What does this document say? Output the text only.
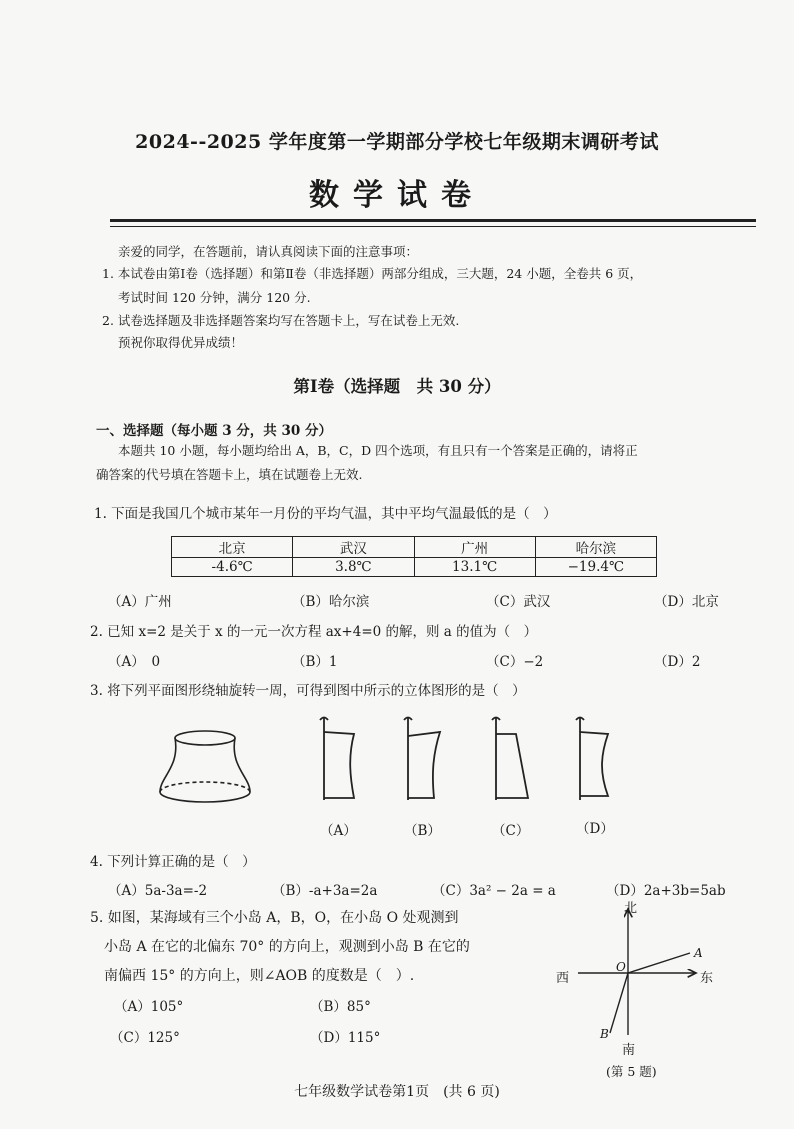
2024--2025 学年度第一学期部分学校七年级期末调研考试
数学试卷
亲爱的同学，在答题前，请认真阅读下面的注意事项：
1. 本试卷由第Ⅰ卷（选择题）和第Ⅱ卷（非选择题）两部分组成，三大题，24 小题，全卷共 6 页，
考试时间 120 分钟，满分 120 分.
2. 试卷选择题及非选择题答案均写在答题卡上，写在试卷上无效.
预祝你取得优异成绩！
第Ⅰ卷（选择题　共 30 分）
一、选择题（每小题 3 分，共 30 分）
本题共 10 小题，每小题均给出 A，B，C，D 四个选项，有且只有一个答案是正确的，请将正
确答案的代号填在答题卡上，填在试题卷上无效.
1. 下面是我国几个城市某年一月份的平均气温，其中平均气温最低的是（　）
北京	武汉	广州	哈尔滨
-4.6℃	3.8℃	13.1℃	−19.4℃
（A）广州	（B）哈尔滨	（C）武汉	（D）北京
2. 已知 x=2 是关于 x 的一元一次方程 ax+4=0 的解，则 a 的值为（　）
（A）　0	（B）1	（C）−2	（D）2
3. 将下列平面图形绕轴旋转一周，可得到图中所示的立体图形的是（　）
（A）	（B）	（C）	（D）
4. 下列计算正确的是（　）
（A）5a-3a=-2	（B）-a+3a=2a	（C）3a² − 2a = a	（D）2a+3b=5ab
5. 如图，某海域有三个小岛 A，B，O，在小岛 O 处观测到
小岛 A 在它的北偏东 70° 的方向上，观测到小岛 B 在它的
南偏西 15° 的方向上，则∠AOB 的度数是（　）.
（A）105°	（B）85°
（C）125°	（D）115°
北
西	东
南
O
A
B
(第 5 题)
七年级数学试卷第1页　(共 6 页)
